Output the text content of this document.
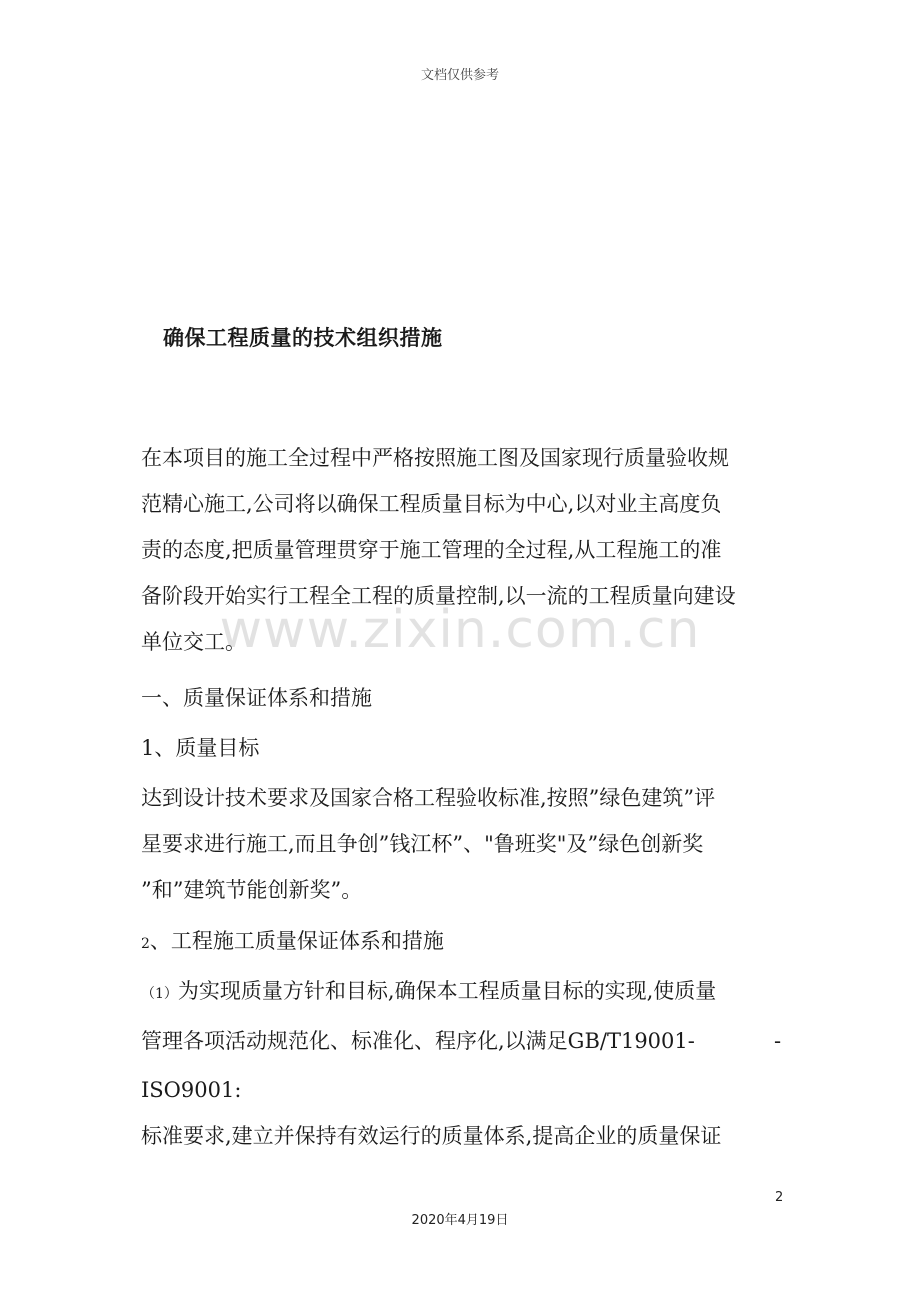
文档仅供参考
确保工程质量的技术组织措施
www.zixin.com.cn
在本项目的施工全过程中严格按照施工图及国家现行质量验收规
范精心施工,公司将以确保工程质量目标为中心,以对业主高度负
责的态度,把质量管理贯穿于施工管理的全过程,从工程施工的准
备阶段开始实行工程全工程的质量控制,以一流的工程质量向建设
单位交工。
一、质量保证体系和措施
1、质量目标
达到设计技术要求及国家合格工程验收标准,按照”绿色建筑”评
星要求进行施工,而且争创”钱江杯”、"鲁班奖"及”绿色创新奖
”和”建筑节能创新奖”。
2、工程施工质量保证体系和措施
（1）为实现质量方针和目标,确保本工程质量目标的实现,使质量
管理各项活动规范化、标准化、程序化,以满足GB/T19001-	-
ISO9001:
标准要求,建立并保持有效运行的质量体系,提高企业的质量保证
2
2020年4月19日
